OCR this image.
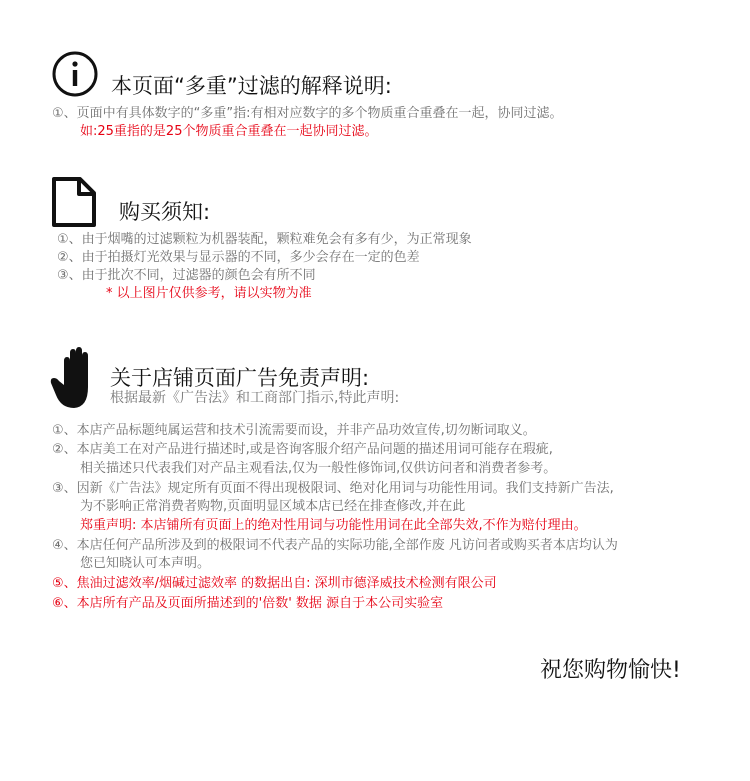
本页面“多重”过滤的解释说明:
①、页面中有具体数字的“多重”指:有相对应数字的多个物质重合重叠在一起，协同过滤。
如:25重指的是25个物质重合重叠在一起协同过滤。
购买须知:
①、由于烟嘴的过滤颗粒为机器装配，颗粒难免会有多有少，为正常现象
②、由于拍摄灯光效果与显示器的不同，多少会存在一定的色差
③、由于批次不同，过滤器的颜色会有所不同
* 以上图片仅供参考，请以实物为准
关于店铺页面广告免责声明:
根据最新《广告法》和工商部门指示,特此声明:
①、本店产品标题纯属运营和技术引流需要而设，并非产品功效宣传,切勿断词取义。
②、本店美工在对产品进行描述时,或是咨询客服介绍产品问题的描述用词可能存在瑕疵,
相关描述只代表我们对产品主观看法,仅为一般性修饰词,仅供访问者和消费者参考。
③、因新《广告法》规定所有页面不得出现极限词、绝对化用词与功能性用词。我们支持新广告法,
为不影响正常消费者购物,页面明显区域本店已经在排查修改,并在此
郑重声明: 本店铺所有页面上的绝对性用词与功能性用词在此全部失效,不作为赔付理由。
④、本店任何产品所涉及到的极限词不代表产品的实际功能,全部作废 凡访问者或购买者本店均认为
您已知晓认可本声明。
⑤、焦油过滤效率/烟碱过滤效率 的数据出自: 深圳市德泽威技术检测有限公司
⑥、本店所有产品及页面所描述到的'倍数' 数据 源自于本公司实验室
祝您购物愉快!
